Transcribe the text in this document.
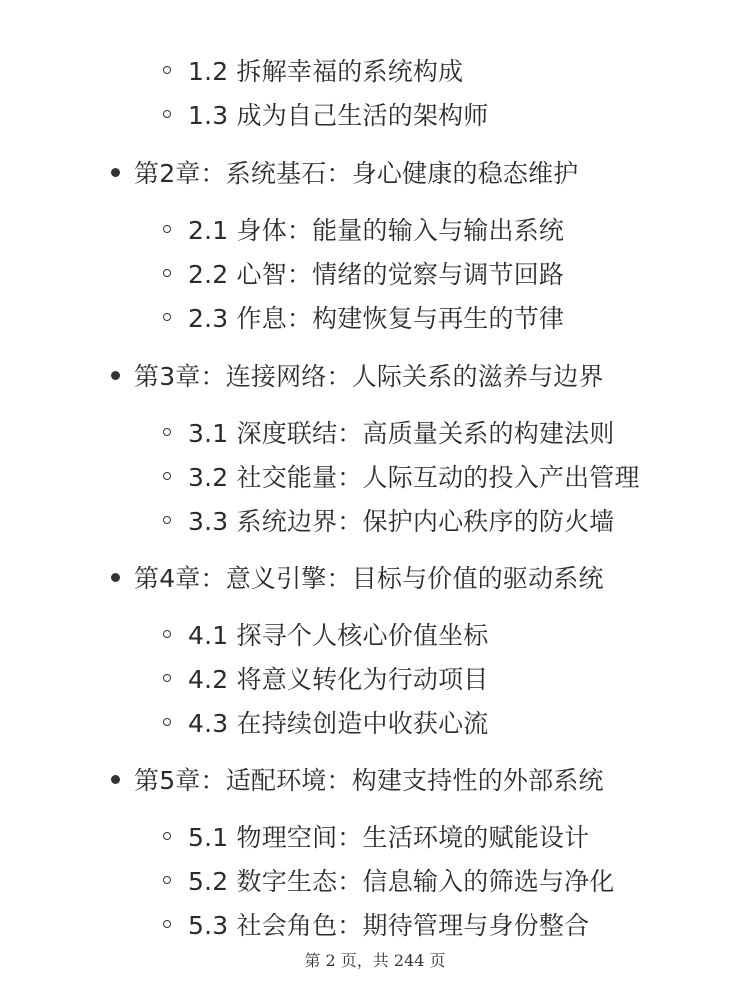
1.2 拆解幸福的系统构成
1.3 成为自己生活的架构师
第2章：系统基石：身心健康的稳态维护
2.1 身体：能量的输入与输出系统
2.2 心智：情绪的觉察与调节回路
2.3 作息：构建恢复与再生的节律
第3章：连接网络：人际关系的滋养与边界
3.1 深度联结：高质量关系的构建法则
3.2 社交能量：人际互动的投入产出管理
3.3 系统边界：保护内心秩序的防火墙
第4章：意义引擎：目标与价值的驱动系统
4.1 探寻个人核心价值坐标
4.2 将意义转化为行动项目
4.3 在持续创造中收获心流
第5章：适配环境：构建支持性的外部系统
5.1 物理空间：生活环境的赋能设计
5.2 数字生态：信息输入的筛选与净化
5.3 社会角色：期待管理与身份整合
第 2 页，共 244 页
